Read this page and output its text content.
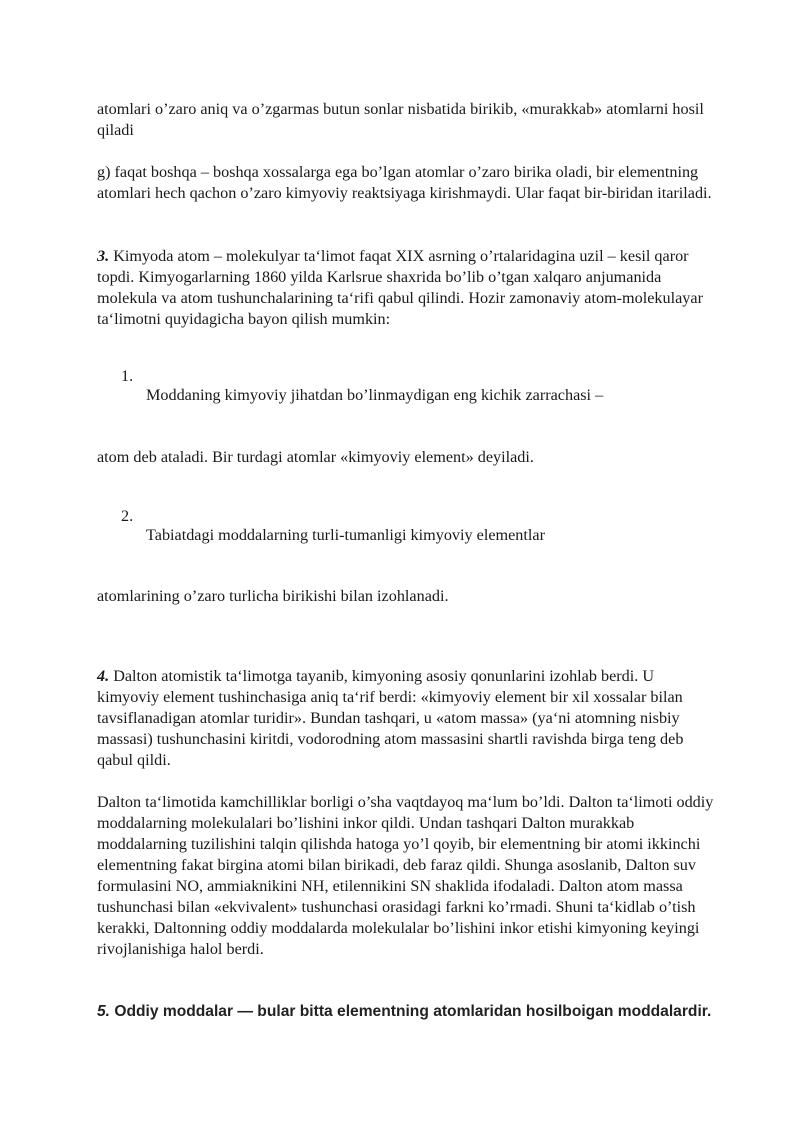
atomlari o’zaro aniq va o’zgarmas butun sonlar nisbatida birikib, «murakkab» atomlarni hosil qiladi

g) faqat boshqa – boshqa xossalarga ega bo’lgan atomlar o’zaro birika oladi, bir elementning atomlari hech qachon o’zaro kimyoviy reaktsiyaga kirishmaydi. Ular faqat bir-biridan itariladi.

3. Kimyoda atom – molekulyar ta‘limot faqat XIX asrning o’rtalaridagina uzil – kesil qaror topdi. Kimyogarlarning 1860 yilda Karlsrue shaxrida bo’lib o’tgan xalqaro anjumanida molekula va atom tushunchalarining ta‘rifi qabul qilindi. Hozir zamonaviy atom-molekulayar ta‘limotni quyidagicha bayon qilish mumkin:

1.

Moddaning kimyoviy jihatdan bo’linmaydigan eng kichik zarrachasi –

atom deb ataladi. Bir turdagi atomlar «kimyoviy element» deyiladi.

2.

Tabiatdagi moddalarning turli-tumanligi kimyoviy elementlar

atomlarining o’zaro turlicha birikishi bilan izohlanadi.

4. Dalton atomistik ta‘limotga tayanib, kimyoning asosiy qonunlarini izohlab berdi. U kimyoviy element tushinchasiga aniq ta‘rif berdi: «kimyoviy element bir xil xossalar bilan tavsiflanadigan atomlar turidir». Bundan tashqari, u «atom massa» (ya‘ni atomning nisbiy massasi) tushunchasini kiritdi, vodorodning atom massasini shartli ravishda birga teng deb qabul qildi.

Dalton ta‘limotida kamchilliklar borligi o’sha vaqtdayoq ma‘lum bo’ldi. Dalton ta‘limoti oddiy moddalarning molekulalari bo’lishini inkor qildi. Undan tashqari Dalton murakkab moddalarning tuzilishini talqin qilishda hatoga yo’l qoyib, bir elementning bir atomi ikkinchi elementning fakat birgina atomi bilan birikadi, deb faraz qildi. Shunga asoslanib, Dalton suv formulasini NO, ammiaknikini NH, etilennikini SN shaklida ifodaladi. Dalton atom massa tushunchasi bilan «ekvivalent» tushunchasi orasidagi farkni ko’rmadi. Shuni ta‘kidlab o’tish kerakki, Daltonning oddiy moddalarda molekulalar bo’lishini inkor etishi kimyoning keyingi rivojlanishiga halol berdi.

5. Oddiy moddalar — bular bitta elementning atomlaridan hosilboigan moddalardir.
